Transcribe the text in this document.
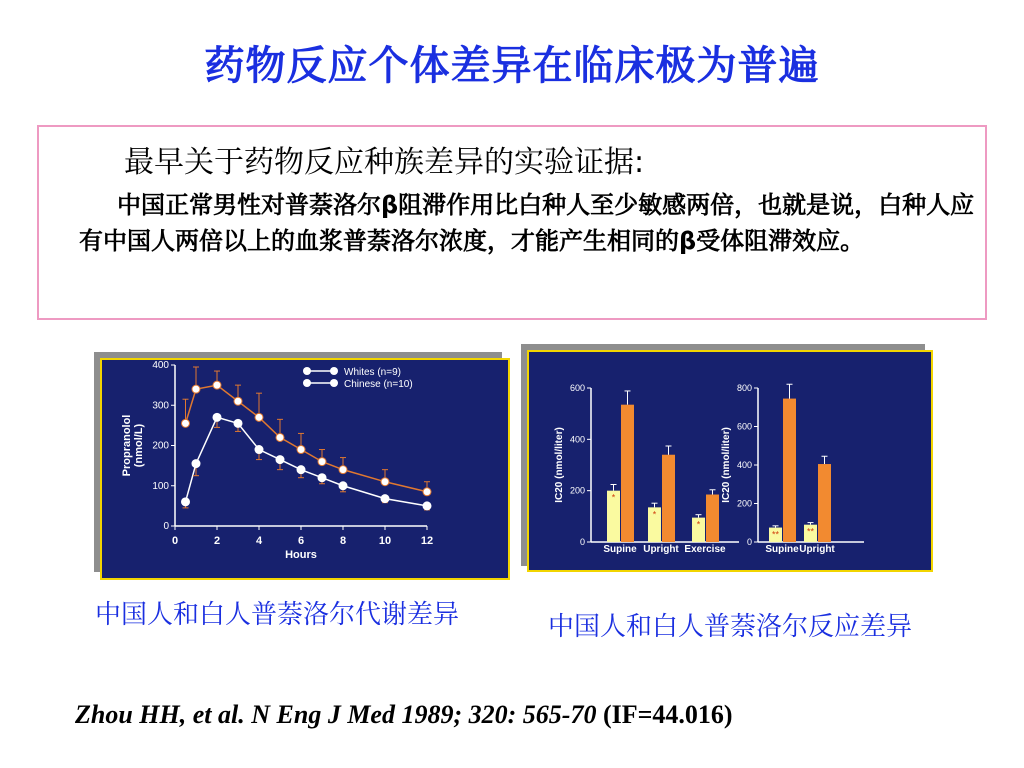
药物反应个体差异在临床极为普遍
最早关于药物反应种族差异的实验证据:
中国正常男性对普萘洛尔β阻滞作用比白种人至少敏感两倍，也就是说，白种人应有中国人两倍以上的血浆普萘洛尔浓度，才能产生相同的β受体阻滞效应。
0
100
200
300
400
0	2	4	6	8	10	12
Hours
Propranolol (nmol/L)
Whites (n=9)
Chinese (n=10)
0
200
400
600
IC20 (nmol/liter)	*
Supine
*
Upright
*
Exercise
0
200
400
600
800
IC20 (nmol/liter)
**
Supine
**
Upright
中国人和白人普萘洛尔代谢差异	中国人和白人普萘洛尔反应差异
Zhou HH, et al. N Eng J Med 1989; 320: 565-70 (IF=44.016)
